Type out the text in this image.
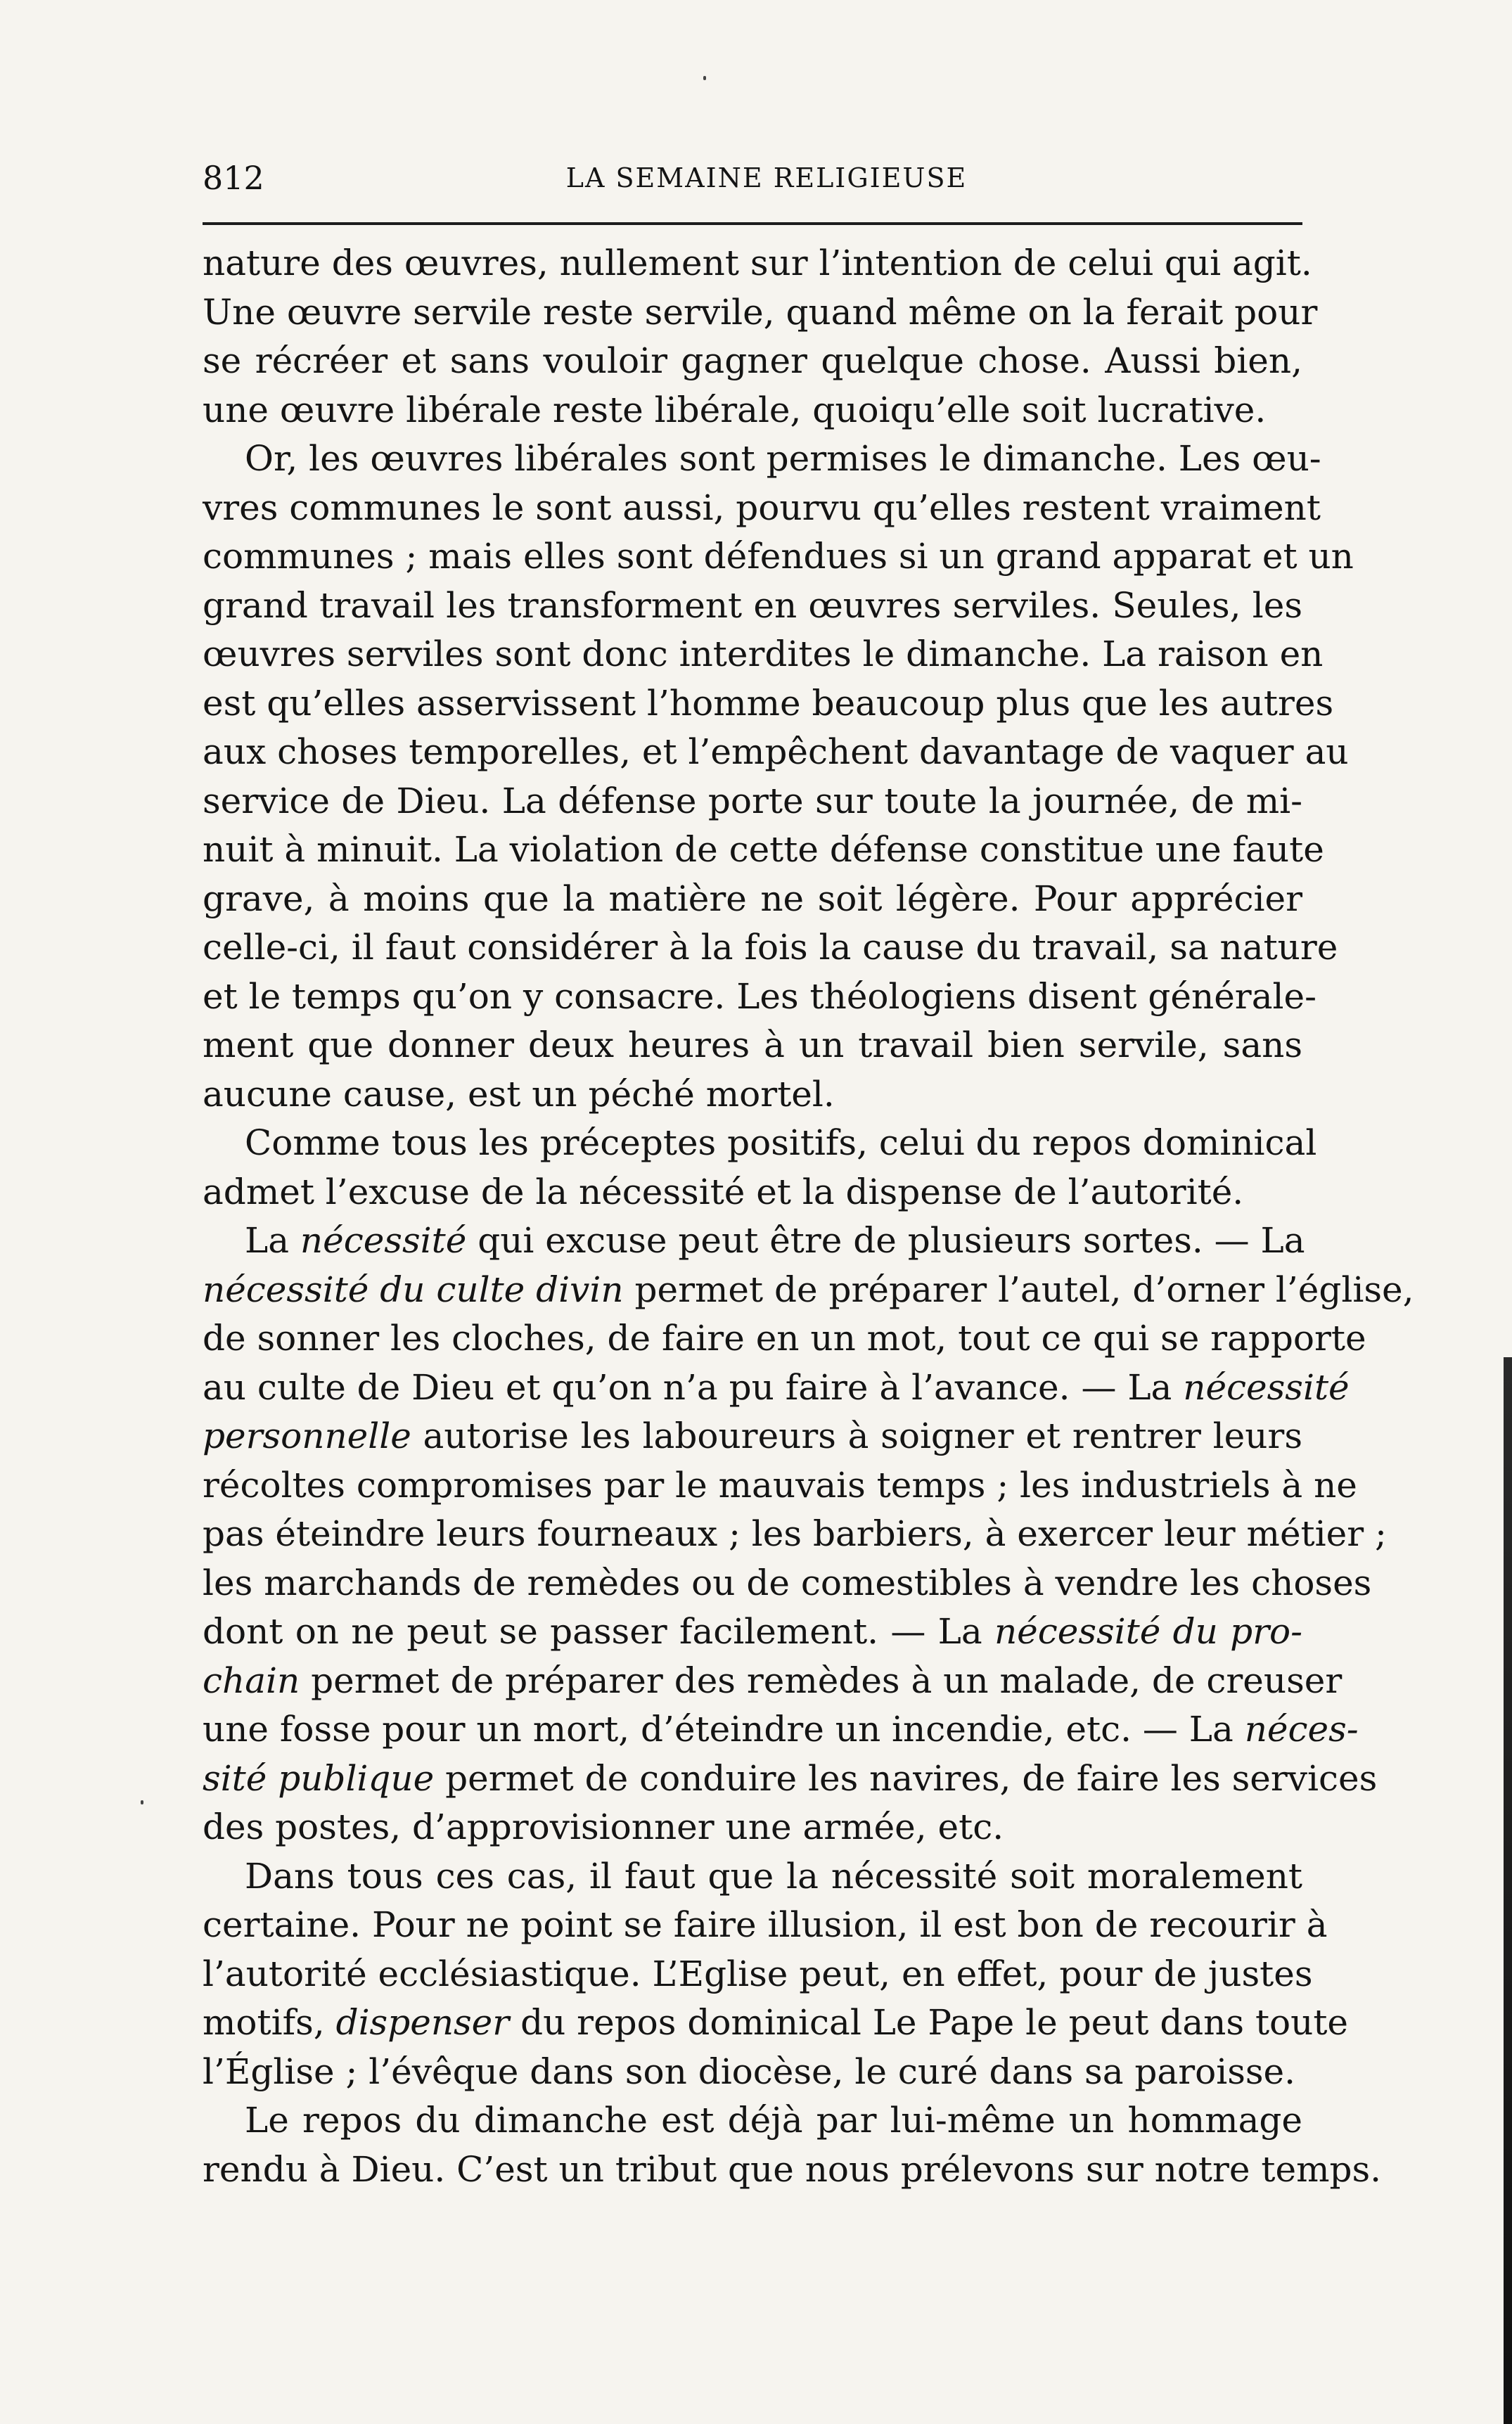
812	LA SEMAINE RELIGIEUSE

nature des œuvres, nullement sur l’intention de celui qui agit.
Une œuvre servile reste servile, quand même on la ferait pour
se récréer et sans vouloir gagner quelque chose. Aussi bien,
une œuvre libérale reste libérale, quoiqu’elle soit lucrative.

Or, les œuvres libérales sont permises le dimanche. Les œu-
vres communes le sont aussi, pourvu qu’elles restent vraiment
communes ; mais elles sont défendues si un grand apparat et un
grand travail les transforment en œuvres serviles. Seules, les
œuvres serviles sont donc interdites le dimanche. La raison en
est qu’elles asservissent l’homme beaucoup plus que les autres
aux choses temporelles, et l’empêchent davantage de vaquer au
service de Dieu. La défense porte sur toute la journée, de mi-
nuit à minuit. La violation de cette défense constitue une faute
grave, à moins que la matière ne soit légère. Pour apprécier
celle-ci, il faut considérer à la fois la cause du travail, sa nature
et le temps qu’on y consacre. Les théologiens disent générale-
ment que donner deux heures à un travail bien servile, sans
aucune cause, est un péché mortel.

Comme tous les préceptes positifs, celui du repos dominical
admet l’excuse de la nécessité et la dispense de l’autorité.

La nécessité qui excuse peut être de plusieurs sortes. — La
nécessité du culte divin permet de préparer l’autel, d’orner l’église,
de sonner les cloches, de faire en un mot, tout ce qui se rapporte
au culte de Dieu et qu’on n’a pu faire à l’avance. — La nécessité
personnelle autorise les laboureurs à soigner et rentrer leurs
récoltes compromises par le mauvais temps ; les industriels à ne
pas éteindre leurs fourneaux ; les barbiers, à exercer leur métier ;
les marchands de remèdes ou de comestibles à vendre les choses
dont on ne peut se passer facilement. — La nécessité du pro-
chain permet de préparer des remèdes à un malade, de creuser
une fosse pour un mort, d’éteindre un incendie, etc. — La néces-
sité publique permet de conduire les navires, de faire les services
des postes, d’approvisionner une armée, etc.

Dans tous ces cas, il faut que la nécessité soit moralement
certaine. Pour ne point se faire illusion, il est bon de recourir à
l’autorité ecclésiastique. L’Eglise peut, en effet, pour de justes
motifs, dispenser du repos dominical Le Pape le peut dans toute
l’Église ; l’évêque dans son diocèse, le curé dans sa paroisse.

Le repos du dimanche est déjà par lui-même un hommage
rendu à Dieu. C’est un tribut que nous prélevons sur notre temps.
